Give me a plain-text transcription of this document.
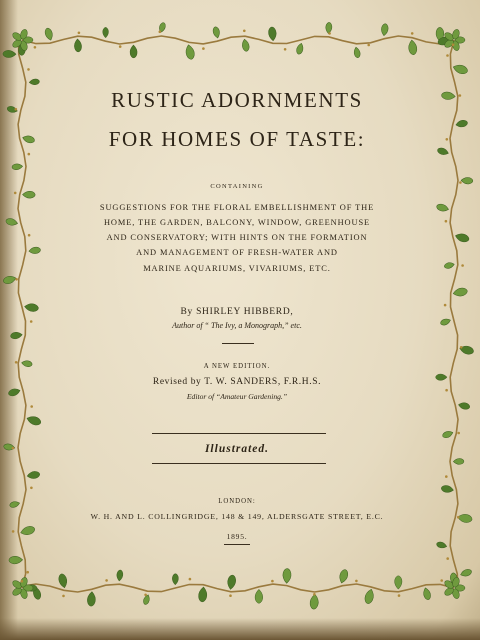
RUSTIC ADORNMENTS
FOR HOMES OF TASTE:
CONTAINING
SUGGESTIONS FOR THE FLORAL EMBELLISHMENT OF THE
HOME, THE GARDEN, BALCONY, WINDOW, GREENHOUSE
AND CONSERVATORY; WITH HINTS ON THE FORMATION
AND MANAGEMENT OF FRESH-WATER AND
MARINE AQUARIUMS, VIVARIUMS, ETC.
By SHIRLEY HIBBERD,
Author of “ The Ivy, a Monograph,” etc.
A NEW EDITION.
Revised by T. W. SANDERS, F.R.H.S.
Editor of “Amateur Gardening.”
Illustrated.
LONDON:
W. H. AND L. COLLINGRIDGE, 148 & 149, ALDERSGATE STREET, E.C.
1895.
